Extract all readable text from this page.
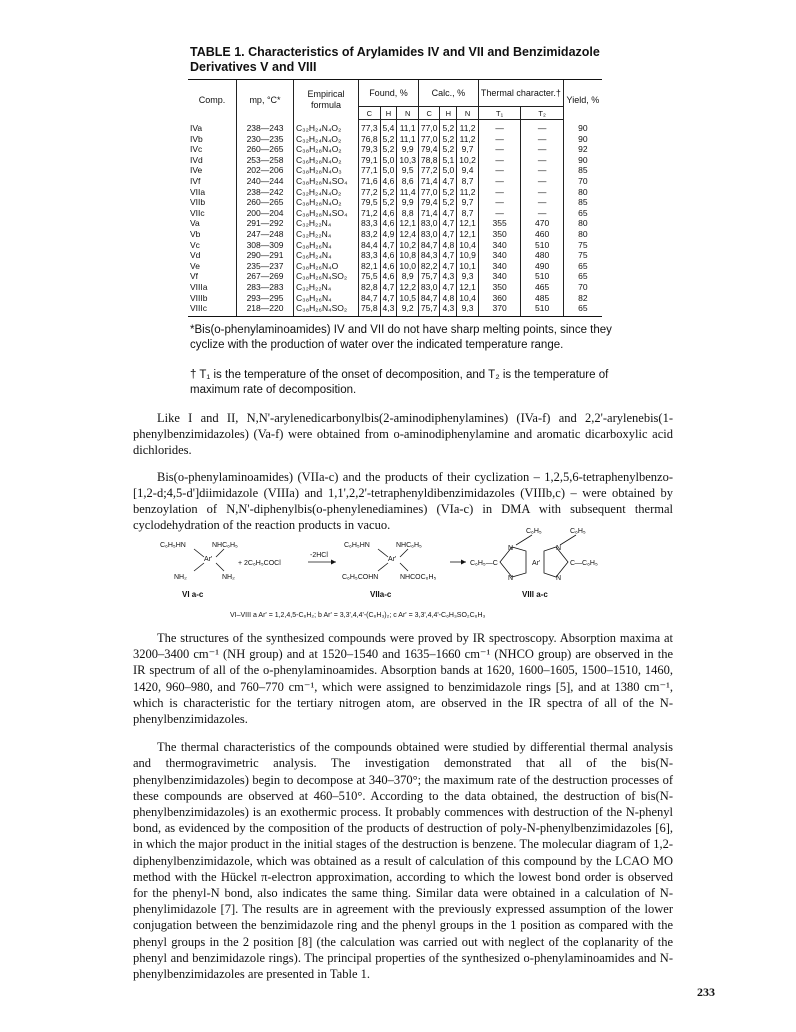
TABLE 1. Characteristics of Arylamides IV and VII and Benzimidazole Derivatives V and VIII
Comp.	mp, °C*	Empirical formula	Found, %			Calc., %			Thermal character.†		Yield, %
			C	H	N	C	H	N	T₁	T₂	
IVa	238—243	C₃₂H₂₄N₄O₂	77,3	5,4	11,1	77,0	5,2	11,2	—	—	90
IVb	230—235	C₃₂H₂₄N₄O₂	76,8	5,2	11,1	77,0	5,2	11,2	—	—	90
IVc	260—265	C₃₈H₂₈N₄O₂	79,3	5,2	9,9	79,4	5,2	9,7	—	—	92
IVd	253—258	C₃₆H₂₈N₄O₂	79,1	5,0	10,3	78,8	5,1	10,2	—	—	90
IVe	202—206	C₃₈H₂₈N₄O₃	77,1	5,0	9,5	77,2	5,0	9,4	—	—	85
IVf	240—244	C₃₈H₂₈N₄SO₄	71,6	4,6	8,6	71,4	4,7	8,7	—	—	70
VIIa	238—242	C₃₂H₂₄N₄O₂	77,2	5,2	11,4	77,0	5,2	11,2	—	—	80
VIIb	260—265	C₃₈H₂₈N₄O₂	79,5	5,2	9,9	79,4	5,2	9,7	—	—	85
VIIc	200—204	C₃₈H₂₈N₄SO₄	71,2	4,6	8,8	71,4	4,7	8,7	—	—	65
Va	291—292	C₃₂H₂₂N₄	83,3	4,6	12,1	83,0	4,7	12,1	355	470	80
Vb	247—248	C₃₂H₂₂N₄	83,2	4,9	12,4	83,0	4,7	12,1	350	460	80
Vc	308—309	C₃₈H₂₆N₄	84,4	4,7	10,2	84,7	4,8	10,4	340	510	75
Vd	290—291	C₃₆H₂₄N₄	83,3	4,6	10,8	84,3	4,7	10,9	340	480	75
Ve	235—237	C₃₈H₂₆N₄O	82,1	4,6	10,0	82,2	4,7	10,1	340	490	65
Vf	267—269	C₃₈H₂₆N₄SO₂	75,5	4,6	8,9	75,7	4,3	9,3	340	510	65
VIIIa	283—283	C₃₂H₂₂N₄	82,8	4,7	12,2	83,0	4,7	12,1	350	465	70
VIIIb	293—295	C₃₈H₂₆N₄	84,7	4,7	10,5	84,7	4,8	10,4	360	485	82
VIIIc	218—220	C₃₈H₂₆N₄SO₂	75,8	4,3	9,2	75,7	4,3	9,3	370	510	65
*Bis(o-phenylaminoamides) IV and VII do not have sharp melting points, since they cyclize with the production of water over the indicated temperature range.
† T₁ is the temperature of the onset of decomposition, and T₂ is the temperature of maximum rate of decomposition.

Like I and II, N,N'-arylenedicarbonylbis(2-aminodiphenylamines) (IVa-f) and 2,2'-arylenebis(1-phenylbenzimidazoles) (Va-f) were obtained from o-aminodiphenylamine and aromatic dicarboxylic acid dichlorides.

Bis(o-phenylaminoamides) (VIIa-c) and the products of their cyclization – 1,2,5,6-tetraphenylbenzo-[1,2-d;4,5-d']diimidazole (VIIIa) and 1,1',2,2'-tetraphenyldibenzimidazoles (VIIIb,c) – were obtained by benzoylation of N,N'-diphenylbis(o-phenylenediamines) (VIa-c) in DMA with subsequent thermal cyclodehydration of the reaction products in vacuo.

C₆H₅HN	NHC₆H₅
Ar'
NH₂	NH₂
+ 2C₆H₅COCl
-2HCl
C₆H₅HN	NHC₆H₅
Ar'
C₆H₅COHN	NHCOC₆H₅
C₆H₅	C₆H₅
C₆H₅—C	Ar'	C—C₆H₅
N
N
N
N
VI a-c	VIIa-c	VIII a-c
VI–VIII a Ar' = 1,2,4,5-C₆H₂; b Ar' = 3,3',4,4'-(C₆H₃)₂; c Ar' = 3,3',4,4'-C₆H₃SO₂C₆H₃

The structures of the synthesized compounds were proved by IR spectroscopy. Absorption maxima at 3200–3400 cm⁻¹ (NH group) and at 1520–1540 and 1635–1660 cm⁻¹ (NHCO group) are observed in the IR spectrum of all of the o-phenylaminoamides. Absorption bands at 1620, 1600–1605, 1500–1510, 1460, 1420, 960–980, and 760–770 cm⁻¹, which were assigned to benzimidazole rings [5], and at 1380 cm⁻¹, which is characteristic for the tertiary nitrogen atom, are observed in the IR spectra of all of the N-phenylbenzimidazoles.

The thermal characteristics of the compounds obtained were studied by differential thermal analysis and thermogravimetric analysis. The investigation demonstrated that all of the bis(N-phenylbenzimidazoles) begin to decompose at 340–370°; the maximum rate of the destruction processes of these compounds are observed at 460–510°. According to the data obtained, the destruction of bis(N-phenylbenzimidazoles) is an exothermic process. It probably commences with destruction of the N-phenyl bond, as evidenced by the composition of the products of destruction of poly-N-phenylbenzimidazoles [6], in which the major product in the initial stages of the destruction is benzene. The molecular diagram of 1,2-diphenylbenzimidazole, which was obtained as a result of calculation of this compound by the LCAO MO method with the Hückel π-electron approximation, according to which the lowest bond order is observed for the phenyl-N bond, also indicates the same thing. Similar data were obtained in a calculation of N-phenylimidazole [7]. The results are in agreement with the previously expressed assumption of the lower conjugation between the benzimidazole ring and the phenyl groups in the 1 position as compared with the phenyl groups in the 2 position [8] (the calculation was carried out with neglect of the coplanarity of the phenyl and benzimidazole rings). The principal properties of the synthesized o-phenylaminoamides and N-phenylbenzimidazoles are presented in Table 1.

233
